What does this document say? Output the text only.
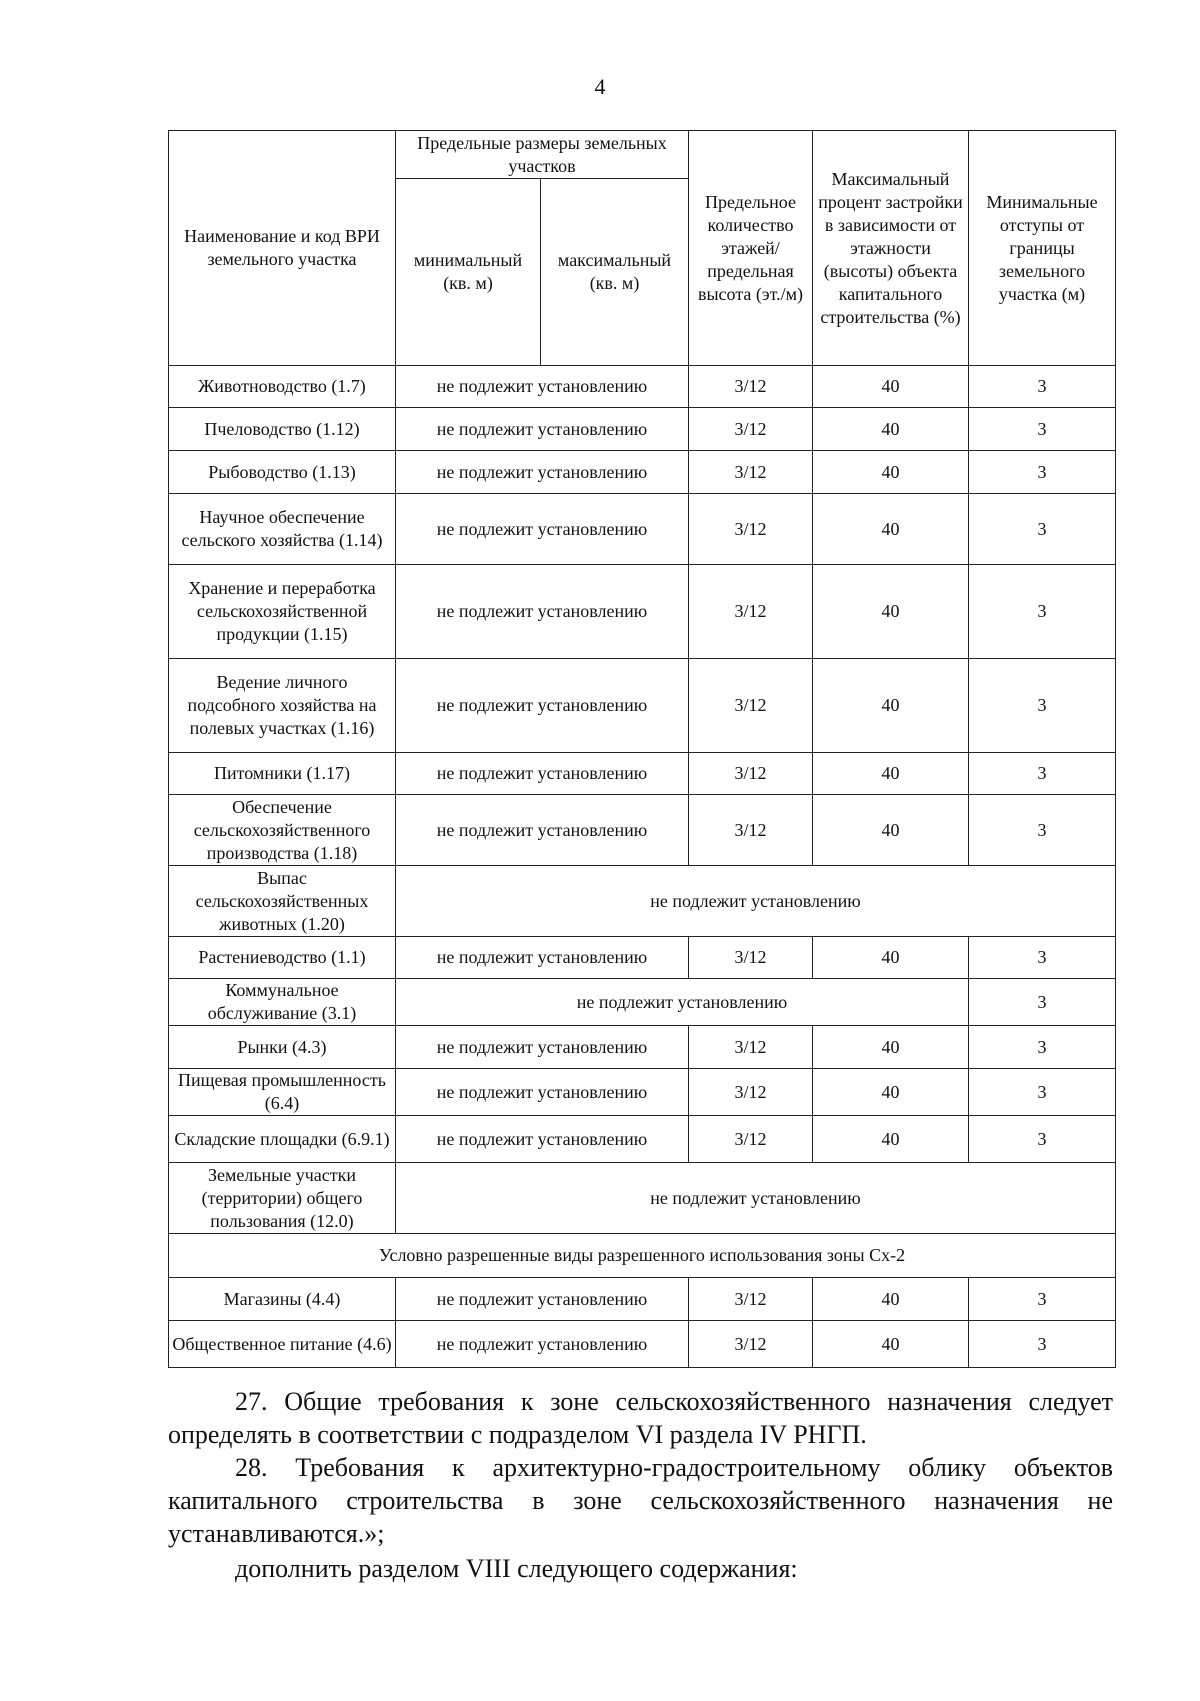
4
Наименование и код ВРИ земельного участка	Предельные размеры земельных участков		Предельное количество этажей/ предельная высота (эт./м)	Максимальный процент застройки в зависимости от этажности (высоты) объекта капитального строительства (%)	Минимальные отступы от границы земельного участка (м)
	минимальный (кв. м)	максимальный (кв. м)			
Животноводство (1.7)	не подлежит установлению		3/12	40	3
Пчеловодство (1.12)	не подлежит установлению		3/12	40	3
Рыбоводство (1.13)	не подлежит установлению		3/12	40	3
Научное обеспечение сельского хозяйства (1.14)	не подлежит установлению		3/12	40	3
Хранение и переработка сельскохозяйственной продукции (1.15)	не подлежит установлению		3/12	40	3
Ведение личного подсобного хозяйства на полевых участках (1.16)	не подлежит установлению		3/12	40	3
Питомники (1.17)	не подлежит установлению		3/12	40	3
Обеспечение сельскохозяйственного производства (1.18)	не подлежит установлению		3/12	40	3
Выпас сельскохозяйственных животных (1.20)	не подлежит установлению				
Растениеводство (1.1)	не подлежит установлению		3/12	40	3
Коммунальное обслуживание (3.1)	не подлежит установлению				3
Рынки (4.3)	не подлежит установлению		3/12	40	3
Пищевая промышленность (6.4)	не подлежит установлению		3/12	40	3
Складские площадки (6.9.1)	не подлежит установлению		3/12	40	3
Земельные участки (территории) общего пользования (12.0)	не подлежит установлению				
Условно разрешенные виды разрешенного использования зоны Сх-2					
Магазины (4.4)	не подлежит установлению		3/12	40	3
Общественное питание (4.6)	не подлежит установлению		3/12	40	3

27. Общие требования к зоне сельскохозяйственного назначения следует определять в соответствии с подразделом VI раздела IV РНГП.

28. Требования к архитектурно-градостроительному облику объектов капитального строительства в зоне сельскохозяйственного назначения не устанавливаются.»;

дополнить разделом VIII следующего содержания:
